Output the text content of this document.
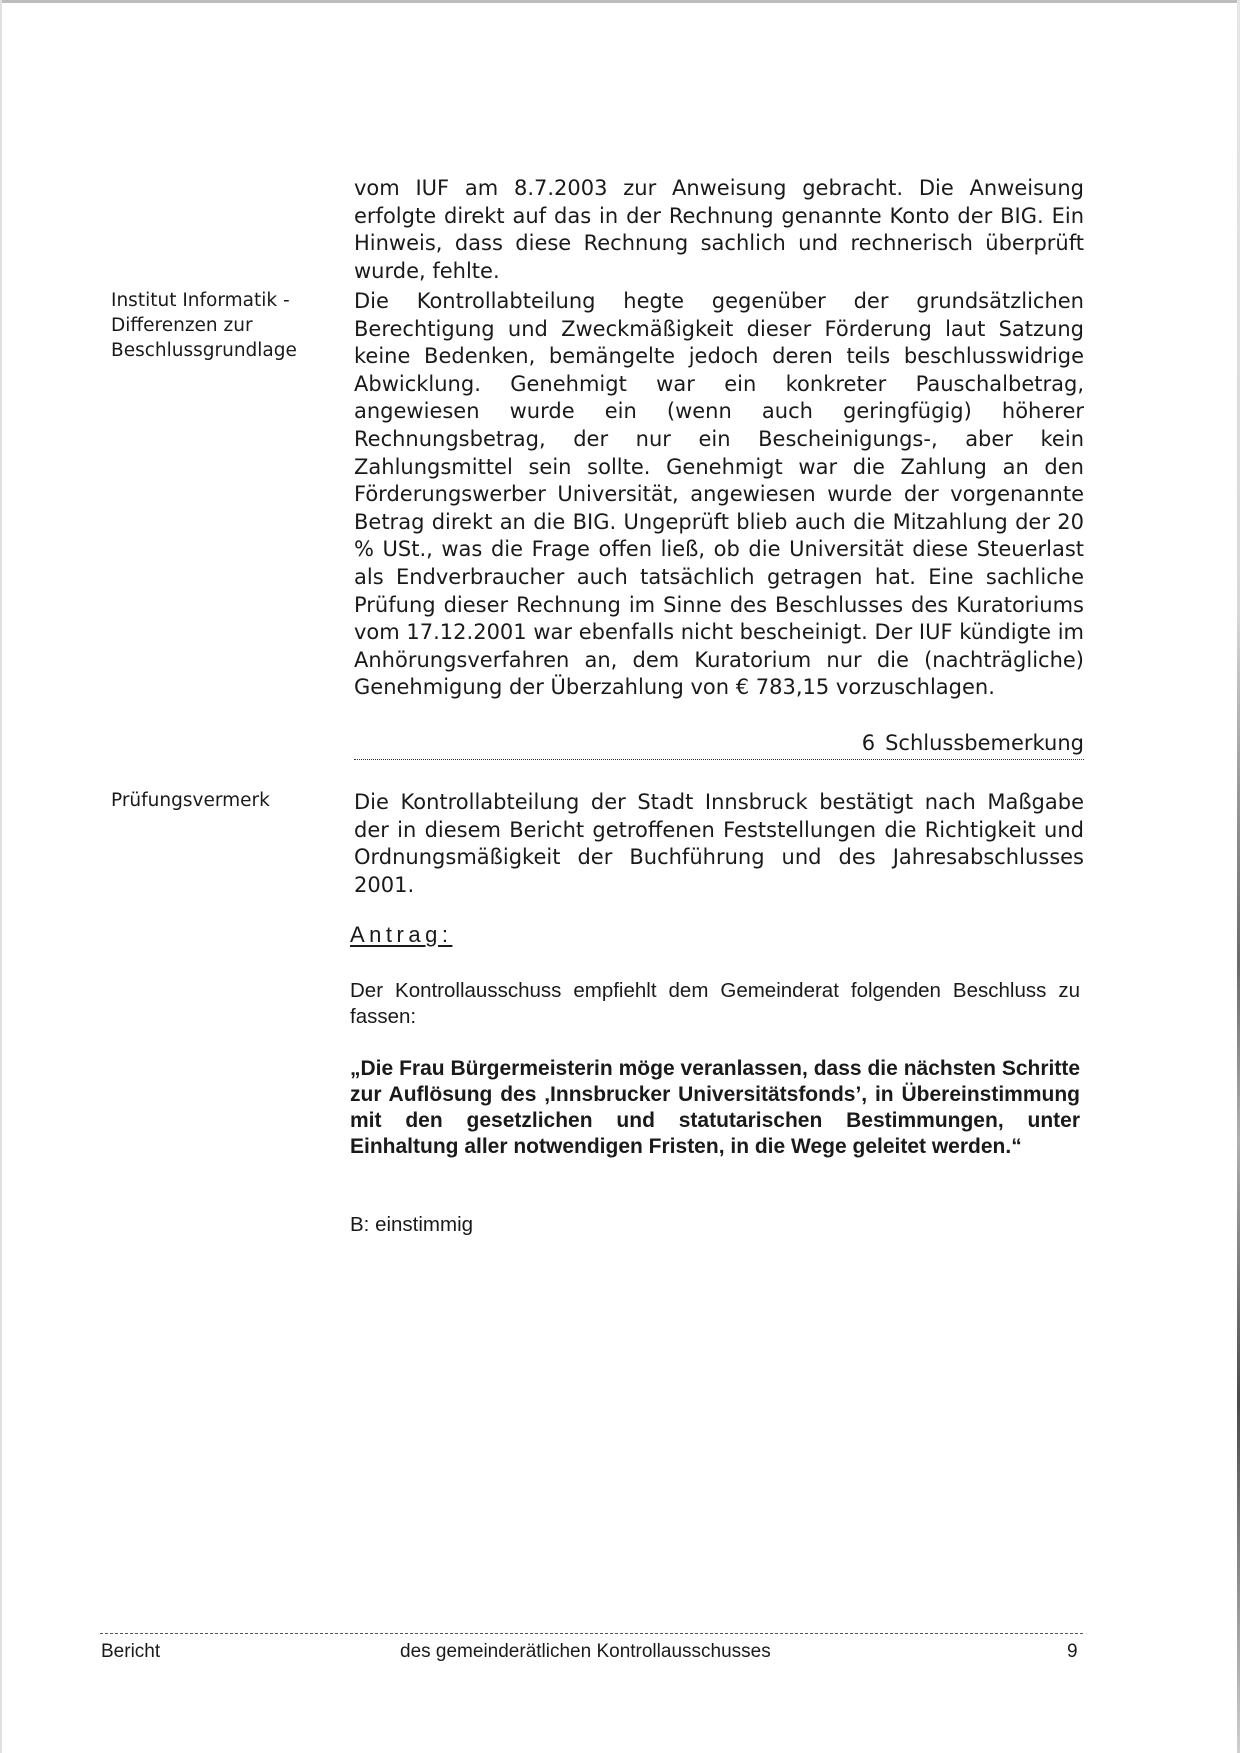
vom IUF am 8.7.2003 zur Anweisung gebracht. Die Anweisung erfolgte direkt auf das in der Rechnung genannte Konto der BIG. Ein Hinweis, dass diese Rechnung sachlich und rechnerisch überprüft wurde, fehlte.

Institut Informatik -
Differenzen zur
Beschlussgrundlage

Die Kontrollabteilung hegte gegenüber der grundsätzlichen Berechtigung und Zweckmäßigkeit dieser Förderung laut Satzung keine Bedenken, bemängelte jedoch deren teils beschlusswidrige Abwicklung. Genehmigt war ein konkreter Pauschalbetrag, angewiesen wurde ein (wenn auch geringfügig) höherer Rechnungsbetrag, der nur ein Bescheinigungs-, aber kein Zahlungsmittel sein sollte. Genehmigt war die Zahlung an den Förderungswerber Universität, angewiesen wurde der vorgenannte Betrag direkt an die BIG. Ungeprüft blieb auch die Mitzahlung der 20 % USt., was die Frage offen ließ, ob die Universität diese Steuerlast als Endverbraucher auch tatsächlich getragen hat. Eine sachliche Prüfung dieser Rechnung im Sinne des Beschlusses des Kuratoriums vom 17.12.2001 war ebenfalls nicht bescheinigt. Der IUF kündigte im Anhörungsverfahren an, dem Kuratorium nur die (nachträgliche) Genehmigung der Überzahlung von € 783,15 vorzuschlagen.

6 Schlussbemerkung
Prüfungsvermerk	Die Kontrollabteilung der Stadt Innsbruck bestätigt nach Maßgabe der in diesem Bericht getroffenen Feststellungen die Richtigkeit und Ordnungsmäßigkeit der Buchführung und des Jahresabschlusses 2001.

Antrag:

Der Kontrollausschuss empfiehlt dem Gemeinderat folgenden Beschluss zu fassen:

„Die Frau Bürgermeisterin möge veranlassen, dass die nächsten Schritte zur Auflösung des ‚Innsbrucker Universitätsfonds’, in Übereinstimmung mit den gesetzlichen und statutarischen Bestimmungen, unter Einhaltung aller notwendigen Fristen, in die Wege geleitet werden.“

B: einstimmig

Bericht	des gemeinderätlichen Kontrollausschusses	9
